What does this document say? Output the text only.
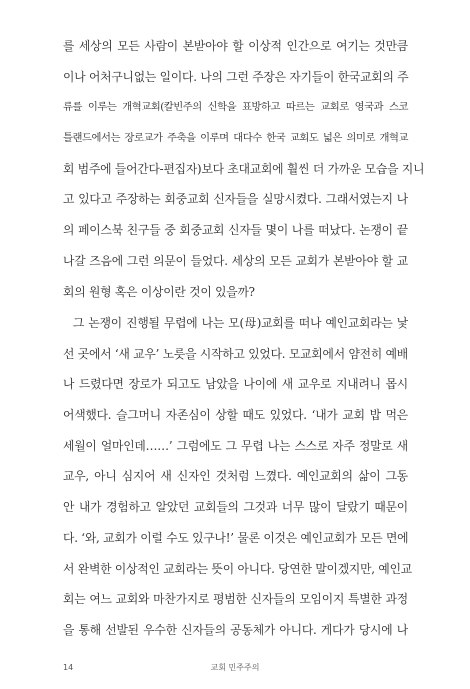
를 세상의 모든 사람이 본받아야 할 이상적 인간으로 여기는 것만큼
이나 어처구니없는 일이다. 나의 그런 주장은 자기들이 한국교회의 주
류를 이루는 개혁교회(칼빈주의 신학을 표방하고 따르는 교회로 영국과 스코
틀랜드에서는 장로교가 주축을 이루며 대다수 한국 교회도 넓은 의미로 개혁교
회 범주에 들어간다-편집자)보다 초대교회에 훨씬 더 가까운 모습을 지니
고 있다고 주장하는 회중교회 신자들을 실망시켰다. 그래서였는지 나
의 페이스북 친구들 중 회중교회 신자들 몇이 나를 떠났다. 논쟁이 끝
나갈 즈음에 그런 의문이 들었다. 세상의 모든 교회가 본받아야 할 교
회의 원형 혹은 이상이란 것이 있을까?
그 논쟁이 진행될 무렵에 나는 모(母)교회를 떠나 예인교회라는 낯
선 곳에서 ‘새 교우’ 노릇을 시작하고 있었다. 모교회에서 얌전히 예배
나 드렸다면 장로가 되고도 남았을 나이에 새 교우로 지내려니 몹시
어색했다. 슬그머니 자존심이 상할 때도 있었다. ‘내가 교회 밥 먹은
세월이 얼마인데……’ 그럼에도 그 무렵 나는 스스로 자주 정말로 새
교우, 아니 심지어 새 신자인 것처럼 느꼈다. 예인교회의 삶이 그동
안 내가 경험하고 알았던 교회들의 그것과 너무 많이 달랐기 때문이
다. ‘와, 교회가 이럴 수도 있구나!’ 물론 이것은 예인교회가 모든 면에
서 완벽한 이상적인 교회라는 뜻이 아니다. 당연한 말이겠지만, 예인교
회는 여느 교회와 마찬가지로 평범한 신자들의 모임이지 특별한 과정
을 통해 선발된 우수한 신자들의 공동체가 아니다. 게다가 당시에 나
교회 민주주의
14
